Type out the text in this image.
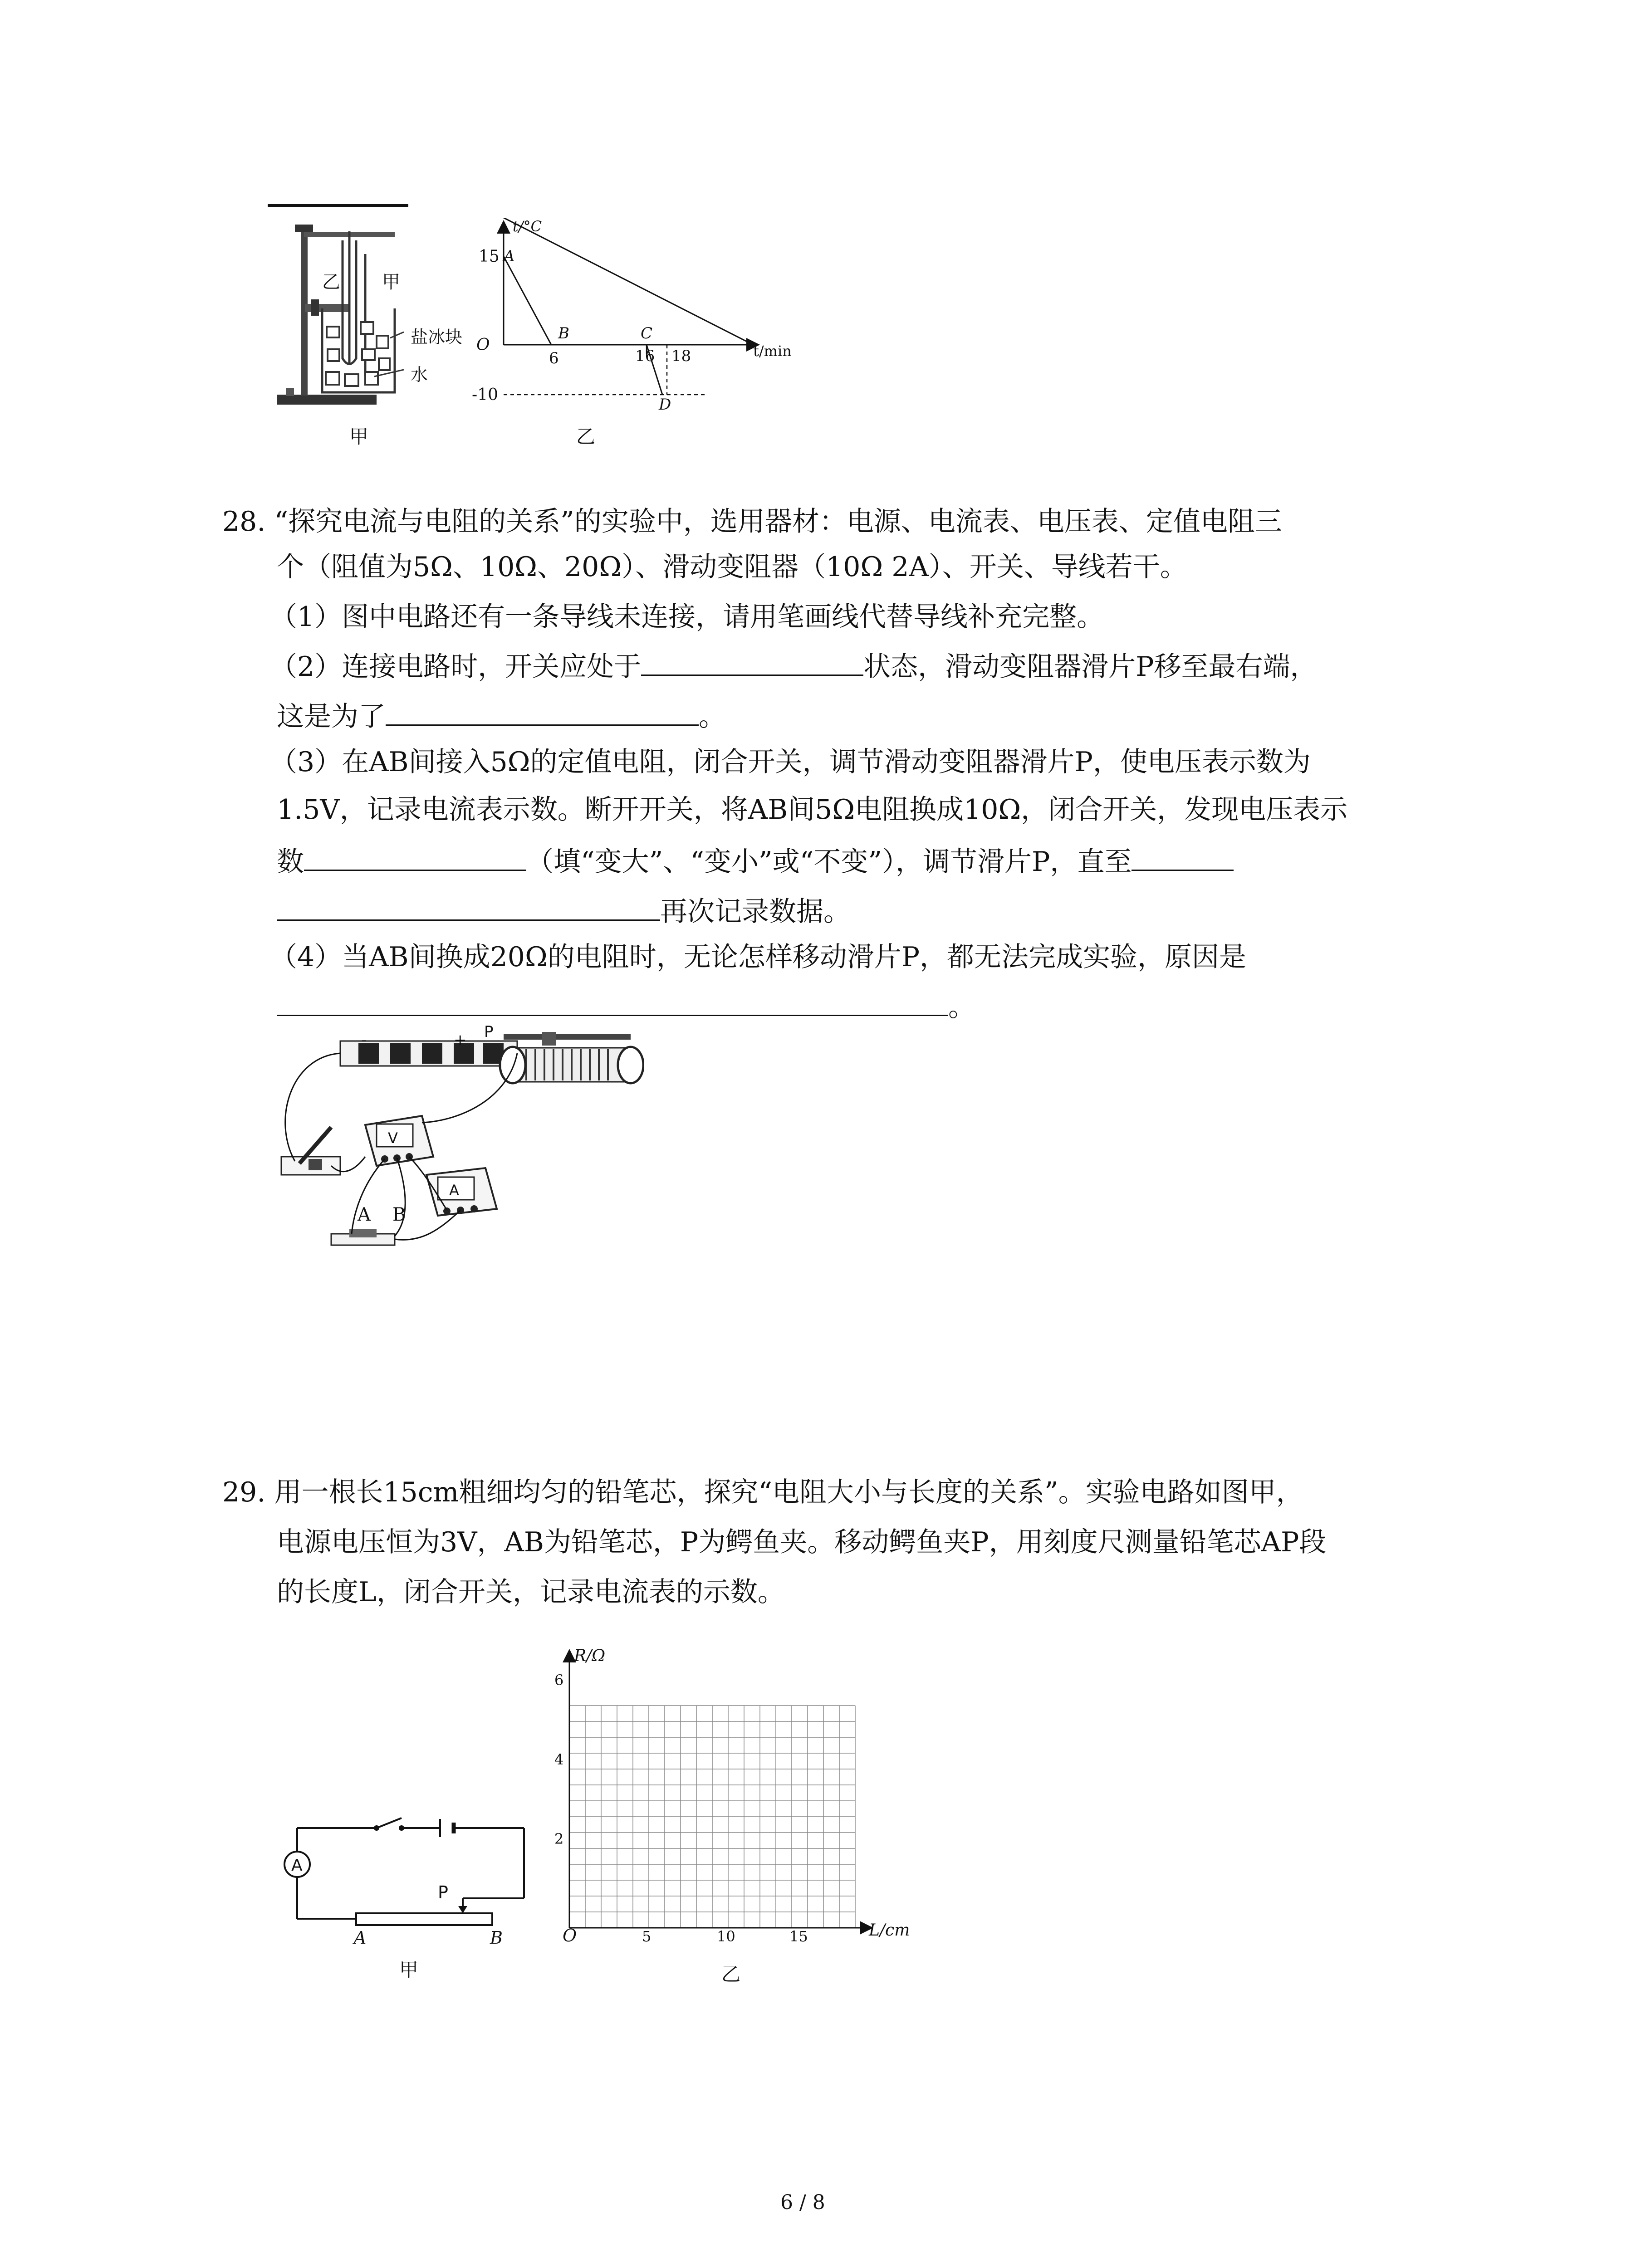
乙 甲
盐冰块
水
甲
t/°C
t/min
O
15 A
-10
B	C
D
6	16 18
乙
28. “探究电流与电阻的关系”的实验中，选用器材：电源、电流表、电压表、定值电阻三
个（阻值为5Ω、10Ω、20Ω）、滑动变阻器（10Ω 2A）、开关、导线若干。
（1）图中电路还有一条导线未连接，请用笔画线代替导线补充完整。
（2）连接电路时，开关应处于	状态，滑动变阻器滑片P移至最右端，
这是为了	。
（3）在AB间接入5Ω的定值电阻，闭合开关，调节滑动变阻器滑片P，使电压表示数为
1.5V，记录电流表示数。断开开关，将AB间5Ω电阻换成10Ω，闭合开关，发现电压表示
数	（填“变大”、“变小”或“不变”），调节滑片P，直至
再次记录数据。
（4）当AB间换成20Ω的电阻时，无论怎样移动滑片P，都无法完成实验，原因是
。
P
-	+
V
A
A B
29. 用一根长15cm粗细均匀的铅笔芯，探究“电阻大小与长度的关系”。实验电路如图甲，
电源电压恒为3V，AB为铅笔芯，P为鳄鱼夹。移动鳄鱼夹P，用刻度尺测量铅笔芯AP段
的长度L，闭合开关，记录电流表的示数。
A
P
A	B
甲
R/Ω
L/cm
O
2
4
6
5	10	15
乙
6 / 8
